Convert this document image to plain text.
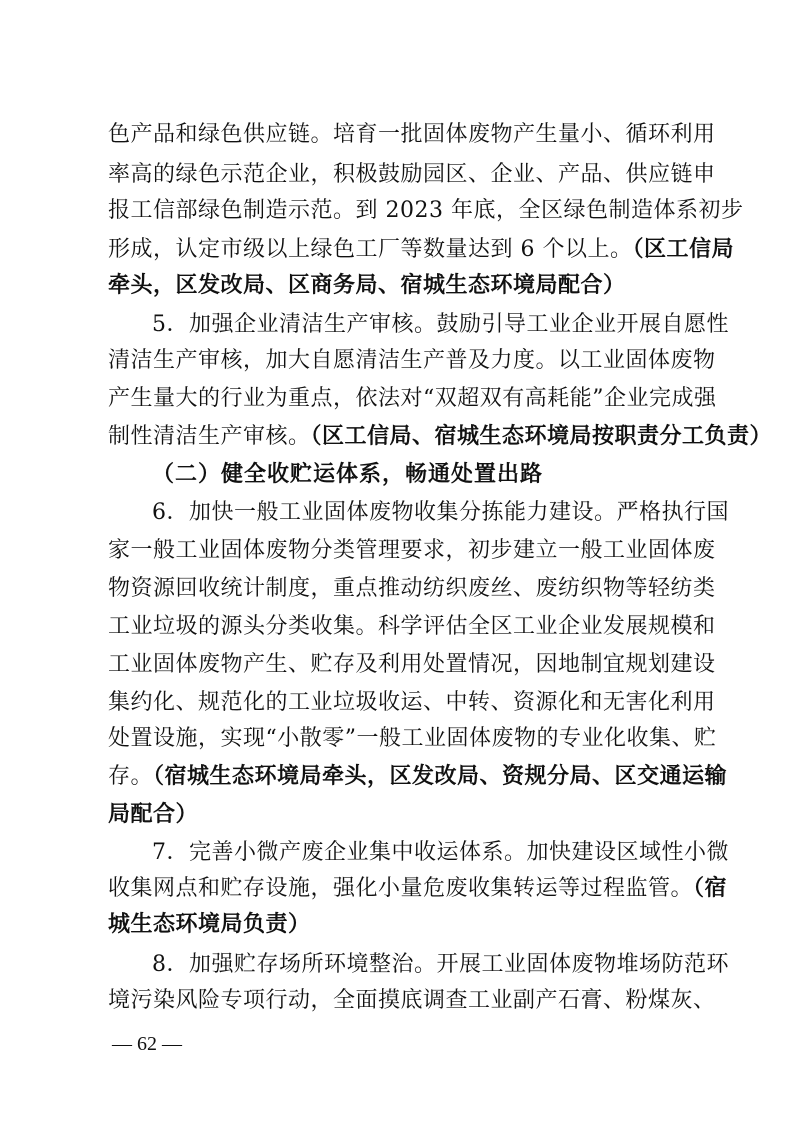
色产品和绿色供应链。培育一批固体废物产生量小、循环利用
率高的绿色示范企业，积极鼓励园区、企业、产品、供应链申
报工信部绿色制造示范。到 2023 年底，全区绿色制造体系初步
形成，认定市级以上绿色工厂等数量达到 6 个以上。（区工信局
牵头，区发改局、区商务局、宿城生态环境局配合）
5．加强企业清洁生产审核。鼓励引导工业企业开展自愿性
清洁生产审核，加大自愿清洁生产普及力度。以工业固体废物
产生量大的行业为重点，依法对“双超双有高耗能”企业完成强
制性清洁生产审核。（区工信局、宿城生态环境局按职责分工负责）
（二）健全收贮运体系，畅通处置出路
6．加快一般工业固体废物收集分拣能力建设。严格执行国
家一般工业固体废物分类管理要求，初步建立一般工业固体废
物资源回收统计制度，重点推动纺织废丝、废纺织物等轻纺类
工业垃圾的源头分类收集。科学评估全区工业企业发展规模和
工业固体废物产生、贮存及利用处置情况，因地制宜规划建设
集约化、规范化的工业垃圾收运、中转、资源化和无害化利用
处置设施，实现“小散零”一般工业固体废物的专业化收集、贮
存。（宿城生态环境局牵头，区发改局、资规分局、区交通运输
局配合）
7．完善小微产废企业集中收运体系。加快建设区域性小微
收集网点和贮存设施，强化小量危废收集转运等过程监管。（宿
城生态环境局负责）
8．加强贮存场所环境整治。开展工业固体废物堆场防范环
境污染风险专项行动，全面摸底调查工业副产石膏、粉煤灰、
— 62 —
